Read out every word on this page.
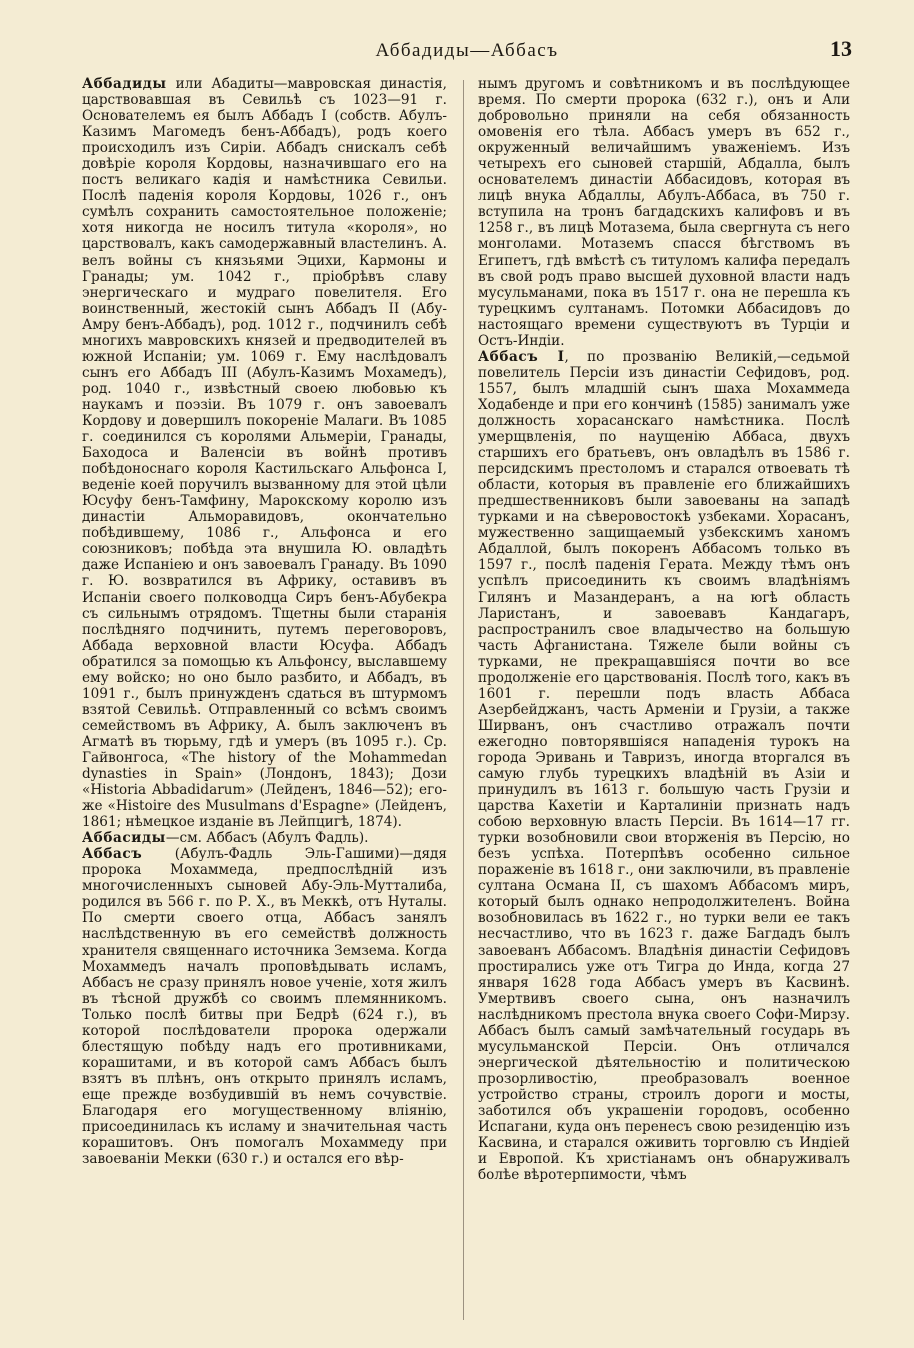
Аббадиды—Аббасъ	13

Аббадиды или Абадиты—мавровская династія, царствовавшая въ Севильѣ съ 1023—91 г. Основателемъ ея былъ Аббадъ I (собств. Абулъ-Казимъ Магомедъ бенъ-Аббадъ), родъ коего происходилъ изъ Сиріи. Аббадъ снискалъ себѣ довѣріе короля Кордовы, назначившаго его на постъ великаго кадія и намѣстника Севильи. Послѣ паденія короля Кордовы, 1026 г., онъ сумѣлъ сохранить самостоятельное положеніе; хотя никогда не носилъ титула «короля», но царствовалъ, какъ самодержавный властелинъ. А. велъ войны съ князьями Эцихи, Кармоны и Гранады; ум. 1042 г., пріобрѣвъ славу энергическаго и мудраго повелителя. Его воинственный, жестокій сынъ Аббадъ II (Абу-Амру бенъ-Аббадъ), род. 1012 г., подчинилъ себѣ многихъ мавровскихъ князей и предводителей въ южной Испаніи; ум. 1069 г. Ему наслѣдовалъ сынъ его Аббадъ III (Абулъ-Казимъ Мохамедъ), род. 1040 г., извѣстный своею любовью къ наукамъ и поэзіи. Въ 1079 г. онъ завоевалъ Кордову и довершилъ покореніе Малаги. Въ 1085 г. соединился съ королями Альмеріи, Гранады, Баходоса и Валенсіи въ войнѣ противъ побѣдоноснаго короля Кастильскаго Альфонса I, веденіе коей поручилъ вызванному для этой цѣли Юсуфу бенъ-Тамфину, Марокскому королю изъ династіи Альморавидовъ, окончательно побѣдившему, 1086 г., Альфонса и его союзниковъ; побѣда эта внушила Ю. овладѣть даже Испаніею и онъ завоевалъ Гранаду. Въ 1090 г. Ю. возвратился въ Африку, оставивъ въ Испаніи своего полководца Сиръ бенъ-Абубекра съ сильнымъ отрядомъ. Тщетны были старанія послѣдняго подчинить, путемъ переговоровъ, Аббада верховной власти Юсуфа. Аббадъ обратился за помощью къ Альфонсу, выславшему ему войско; но оно было разбито, и Аббадъ, въ 1091 г., былъ принужденъ сдаться въ штурмомъ взятой Севильѣ. Отправленный со всѣмъ своимъ семействомъ въ Африку, А. былъ заключенъ въ Агматѣ въ тюрьму, гдѣ и умеръ (въ 1095 г.). Ср. Гайвонгоса, «The history of the Mohammedan dynasties in Spain» (Лондонъ, 1843); Дози «Historia Abbadidarum» (Лейденъ, 1846—52); его-же «Histoire des Musulmans d'Espagne» (Лейденъ, 1861; нѣмецкое изданіе въ Лейпцигѣ, 1874).

Аббасиды—см. Аббасъ (Абулъ Фадль).

Аббасъ (Абулъ-Фадль Эль-Гашими)—дядя пророка Мохаммеда, предпослѣдній изъ многочисленныхъ сыновей Абу-Эль-Мутталиба, родился въ 566 г. по Р. Х., въ Меккѣ, отъ Нуталы. По смерти своего отца, Аббасъ занялъ наслѣдственную въ его семействѣ должность хранителя священнаго источника Земзема. Когда Мохаммедъ началъ проповѣдывать исламъ, Аббасъ не сразу принялъ новое ученіе, хотя жилъ въ тѣсной дружбѣ со своимъ племянникомъ. Только послѣ битвы при Бедрѣ (624 г.), въ которой послѣдователи пророка одержали блестящую побѣду надъ его противниками, корашитами, и въ которой самъ Аббасъ былъ взятъ въ плѣнъ, онъ открыто принялъ исламъ, еще прежде возбудившій въ немъ сочувствіе. Благодаря его могущественному вліянію, присоединилась къ исламу и значительная часть корашитовъ. Онъ помогалъ Мохаммеду при завоеваніи Мекки (630 г.) и остался его вѣр-

нымъ другомъ и совѣтникомъ и въ послѣдующее время. По смерти пророка (632 г.), онъ и Али добровольно приняли на себя обязанность омовенія его тѣла. Аббасъ умеръ въ 652 г., окруженный величайшимъ уваженіемъ. Изъ четырехъ его сыновей старшій, Абдалла, былъ основателемъ династіи Аббасидовъ, которая въ лицѣ внука Абдаллы, Абулъ-Аббаса, въ 750 г. вступила на тронъ багдадскихъ калифовъ и въ 1258 г., въ лицѣ Мотазема, была свергнута съ него монголами. Мотаземъ спасся бѣгствомъ въ Египетъ, гдѣ вмѣстѣ съ титуломъ калифа передалъ въ свой родъ право высшей духовной власти надъ мусульманами, пока въ 1517 г. она не перешла къ турецкимъ султанамъ. Потомки Аббасидовъ до настоящаго времени существуютъ въ Турціи и Остъ-Индіи.

Аббасъ I, по прозванію Великій,—седьмой повелитель Персіи изъ династіи Сефидовъ, род. 1557, былъ младшій сынъ шаха Мохаммеда Ходабенде и при его кончинѣ (1585) занималъ уже должность хорасанскаго намѣстника. Послѣ умерщвленія, по наущенію Аббаса, двухъ старшихъ его братьевъ, онъ овладѣлъ въ 1586 г. персидскимъ престоломъ и старался отвоевать тѣ области, которыя въ правленіе его ближайшихъ предшественниковъ были завоеваны на западѣ турками и на сѣверовостокѣ узбеками. Хорасанъ, мужественно защищаемый узбекскимъ ханомъ Абдаллой, былъ покоренъ Аббасомъ только въ 1597 г., послѣ паденія Герата. Между тѣмъ онъ успѣлъ присоединить къ своимъ владѣніямъ Гилянъ и Мазандеранъ, а на югѣ область Ларистанъ, и завоевавъ Кандагаръ, распространилъ свое владычество на большую часть Афганистана. Тяжеле были войны съ турками, не прекращавшіяся почти во все продолженіе его царствованія. Послѣ того, какъ въ 1601 г. перешли подъ власть Аббаса Азербейджанъ, часть Арменіи и Грузіи, а также Ширванъ, онъ счастливо отражалъ почти ежегодно повторявшіяся нападенія турокъ на города Эривань и Тавризъ, иногда вторгался въ самую глубь турецкихъ владѣній въ Азіи и принудилъ въ 1613 г. большую часть Грузіи и царства Кахетіи и Карталиніи признать надъ собою верховную власть Персіи. Въ 1614—17 гг. турки возобновили свои вторженія въ Персію, но безъ успѣха. Потерпѣвъ особенно сильное пораженіе въ 1618 г., они заключили, въ правленіе султана Османа II, съ шахомъ Аббасомъ миръ, который былъ однако непродолжителенъ. Война возобновилась въ 1622 г., но турки вели ее такъ несчастливо, что въ 1623 г. даже Багдадъ былъ завоеванъ Аббасомъ. Владѣнія династіи Сефидовъ простирались уже отъ Тигра до Инда, когда 27 января 1628 года Аббасъ умеръ въ Касвинѣ. Умертвивъ своего сына, онъ назначилъ наслѣдникомъ престола внука своего Софи-Мирзу. Аббасъ былъ самый замѣчательный государь въ мусульманской Персіи. Онъ отличался энергической дѣятельностію и политическою прозорливостію, преобразовалъ военное устройство страны, строилъ дороги и мосты, заботился объ украшеніи городовъ, особенно Испагани, куда онъ перенесъ свою резиденцію изъ Касвина, и старался оживить торговлю съ Индіей и Европой. Къ христіанамъ онъ обнаруживалъ болѣе вѣротерпимости, чѣмъ
